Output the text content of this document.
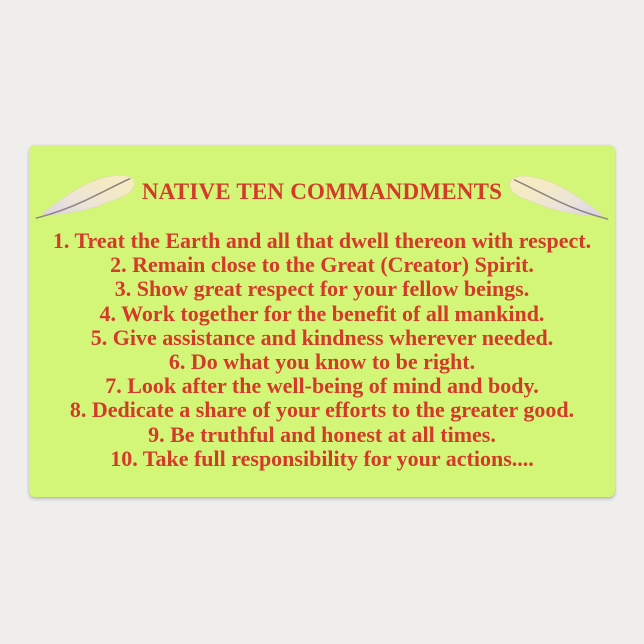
NATIVE TEN COMMANDMENTS
1. Treat the Earth and all that dwell thereon with respect.
2. Remain close to the Great (Creator) Spirit.
3. Show great respect for your fellow beings.
4. Work together for the benefit of all mankind.
5. Give assistance and kindness wherever needed.
6. Do what you know to be right.
7. Look after the well-being of mind and body.
8. Dedicate a share of your efforts to the greater good.
9. Be truthful and honest at all times.
10. Take full responsibility for your actions....
